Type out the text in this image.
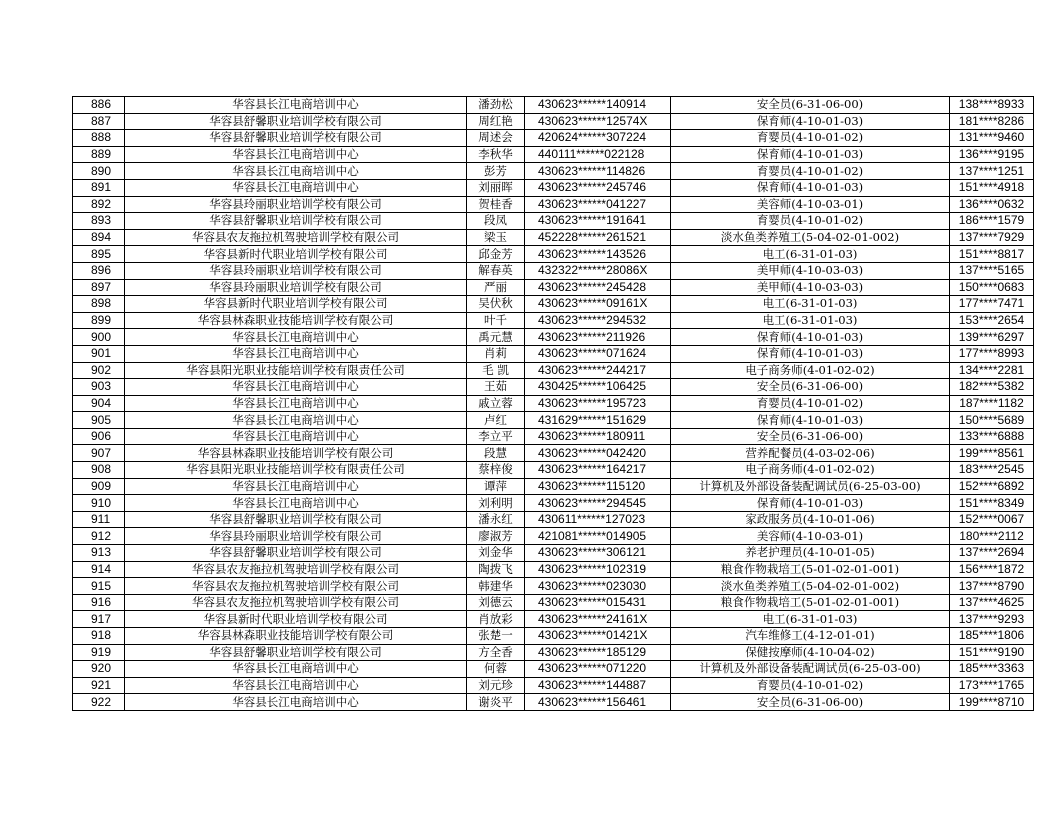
886	华容县长江电商培训中心	潘劲松	430623******140914	安全员(6-31-06-00)	138****8933
887	华容县舒馨职业培训学校有限公司	周红艳	430623******12574X	保育师(4-10-01-03)	181****8286
888	华容县舒馨职业培训学校有限公司	周述会	420624******307224	育婴员(4-10-01-02)	131****9460
889	华容县长江电商培训中心	李秋华	440111******022128	保育师(4-10-01-03)	136****9195
890	华容县长江电商培训中心	彭芳	430623******114826	育婴员(4-10-01-02)	137****1251
891	华容县长江电商培训中心	刘丽晖	430623******245746	保育师(4-10-01-03)	151****4918
892	华容县玲丽职业培训学校有限公司	贺桂香	430623******041227	美容师(4-10-03-01)	136****0632
893	华容县舒馨职业培训学校有限公司	段凤	430623******191641	育婴员(4-10-01-02)	186****1579
894	华容县农友拖拉机驾驶培训学校有限公司	梁玉	452228******261521	淡水鱼类养殖工(5-04-02-01-002)	137****7929
895	华容县新时代职业培训学校有限公司	邱金芳	430623******143526	电工(6-31-01-03)	151****8817
896	华容县玲丽职业培训学校有限公司	解春英	432322******28086X	美甲师(4-10-03-03)	137****5165
897	华容县玲丽职业培训学校有限公司	严丽	430623******245428	美甲师(4-10-03-03)	150****0683
898	华容县新时代职业培训学校有限公司	吴伏秋	430623******09161X	电工(6-31-01-03)	177****7471
899	华容县林森职业技能培训学校有限公司	叶千	430623******294532	电工(6-31-01-03)	153****2654
900	华容县长江电商培训中心	禹元慧	430623******211926	保育师(4-10-01-03)	139****6297
901	华容县长江电商培训中心	肖莉	430623******071624	保育师(4-10-01-03)	177****8993
902	华容县阳光职业技能培训学校有限责任公司	毛 凯	430623******244217	电子商务师(4-01-02-02)	134****2281
903	华容县长江电商培训中心	王茹	430425******106425	安全员(6-31-06-00)	182****5382
904	华容县长江电商培训中心	戚立蓉	430623******195723	育婴员(4-10-01-02)	187****1182
905	华容县长江电商培训中心	卢红	431629******151629	保育师(4-10-01-03)	150****5689
906	华容县长江电商培训中心	李立平	430623******180911	安全员(6-31-06-00)	133****6888
907	华容县林森职业技能培训学校有限公司	段慧	430623******042420	营养配餐员(4-03-02-06)	199****8561
908	华容县阳光职业技能培训学校有限责任公司	蔡梓俊	430623******164217	电子商务师(4-01-02-02)	183****2545
909	华容县长江电商培训中心	谭萍	430623******115120	计算机及外部设备装配调试员(6-25-03-00)	152****6892
910	华容县长江电商培训中心	刘利明	430623******294545	保育师(4-10-01-03)	151****8349
911	华容县舒馨职业培训学校有限公司	潘永红	430611******127023	家政服务员(4-10-01-06)	152****0067
912	华容县玲丽职业培训学校有限公司	廖淑芳	421081******014905	美容师(4-10-03-01)	180****2112
913	华容县舒馨职业培训学校有限公司	刘金华	430623******306121	养老护理员(4-10-01-05)	137****2694
914	华容县农友拖拉机驾驶培训学校有限公司	陶拨飞	430623******102319	粮食作物栽培工(5-01-02-01-001)	156****1872
915	华容县农友拖拉机驾驶培训学校有限公司	韩建华	430623******023030	淡水鱼类养殖工(5-04-02-01-002)	137****8790
916	华容县农友拖拉机驾驶培训学校有限公司	刘德云	430623******015431	粮食作物栽培工(5-01-02-01-001)	137****4625
917	华容县新时代职业培训学校有限公司	肖放彩	430623******24161X	电工(6-31-01-03)	137****9293
918	华容县林森职业技能培训学校有限公司	张楚一	430623******01421X	汽车维修工(4-12-01-01)	185****1806
919	华容县舒馨职业培训学校有限公司	方全香	430623******185129	保健按摩师(4-10-04-02)	151****9190
920	华容县长江电商培训中心	何蓉	430623******071220	计算机及外部设备装配调试员(6-25-03-00)	185****3363
921	华容县长江电商培训中心	刘元珍	430623******144887	育婴员(4-10-01-02)	173****1765
922	华容县长江电商培训中心	谢炎平	430623******156461	安全员(6-31-06-00)	199****8710
